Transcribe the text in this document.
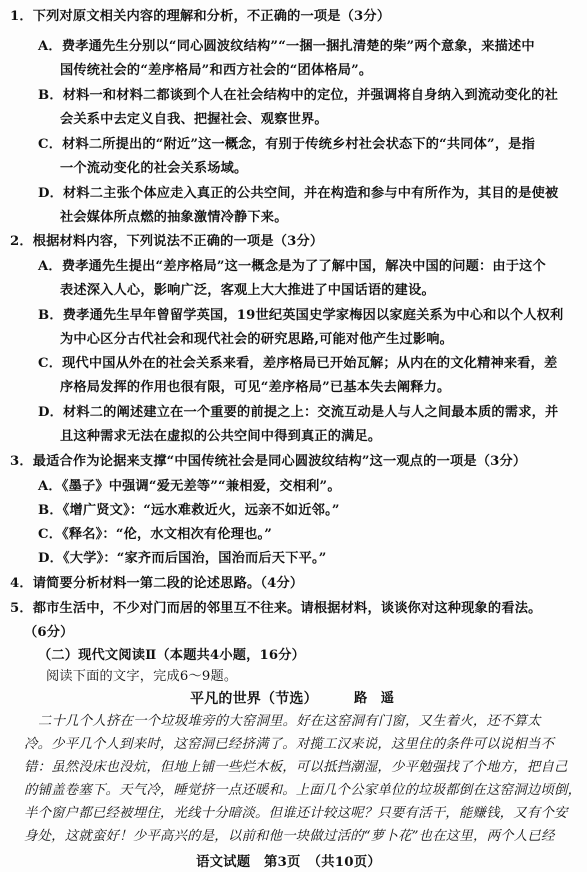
1．下列对原文相关内容的理解和分析，不正确的一项是（3分）
A．费孝通先生分别以“同心圆波纹结构”“一捆一捆扎清楚的柴”两个意象，来描述中
国传统社会的“差序格局”和西方社会的“团体格局”。
B．材料一和材料二都谈到个人在社会结构中的定位，并强调将自身纳入到流动变化的社
会关系中去定义自我、把握社会、观察世界。
C．材料二所提出的“附近”这一概念，有别于传统乡村社会状态下的“共同体”，是指
一个流动变化的社会关系场域。
D．材料二主张个体应走入真正的公共空间，并在构造和参与中有所作为，其目的是使被
社会媒体所点燃的抽象激情冷静下来。
2．根据材料内容，下列说法不正确的一项是（3分）
A．费孝通先生提出“差序格局”这一概念是为了了解中国，解决中国的问题：由于这个
表述深入人心，影响广泛，客观上大大推进了中国话语的建设。
B．费孝通先生早年曾留学英国，19世纪英国史学家梅因以家庭关系为中心和以个人权利
为中心区分古代社会和现代社会的研究思路,可能对他产生过影响。
C．现代中国从外在的社会关系来看，差序格局已开始瓦解；从内在的文化精神来看，差
序格局发挥的作用也很有限，可见“差序格局”已基本失去阐释力。
D．材料二的阐述建立在一个重要的前提之上：交流互动是人与人之间最本质的需求，并
且这种需求无法在虚拟的公共空间中得到真正的满足。
3．最适合作为论据来支撑“中国传统社会是同心圆波纹结构”这一观点的一项是（3分）
A．《墨子》中强调“爱无差等”“兼相爱，交相利”。
B．《增广贤文》：“远水难救近火，远亲不如近邻。”
C．《释名》：“伦，水文相次有伦理也。”
D．《大学》：“家齐而后国治，国治而后天下平。”
4．请简要分析材料一第二段的论述思路。（4分）
5．都市生活中，不少对门而居的邻里互不往来。请根据材料，谈谈你对这种现象的看法。
（6分）
（二）现代文阅读Ⅱ（本题共4小题，16分）
阅读下面的文字，完成6～9题。
平凡的世界（节选）	路　遥
二十几个人挤在一个垃圾堆旁的大窑洞里。好在这窑洞有门窗，又生着火，还不算太
冷。少平几个人到来时，这窑洞已经挤满了。对揽工汉来说，这里住的条件可以说相当不
错：虽然没床也没炕，但地上铺一些烂木板，可以抵挡潮湿，少平勉强找了个地方，把自己
的铺盖卷塞下。天气冷，睡觉挤一点还暖和。上面几个公家单位的垃圾都倒在这窑洞边顷倒，
半个窗户都已经被埋住，光线十分暗淡。但谁还计较这呢？只要有活干，能赚钱，又有个安
身处，这就蛮好！少平高兴的是，以前和他一块做过活的“萝卜花”也在这里，两个人已经
语文试题　第3页　（共10页）
